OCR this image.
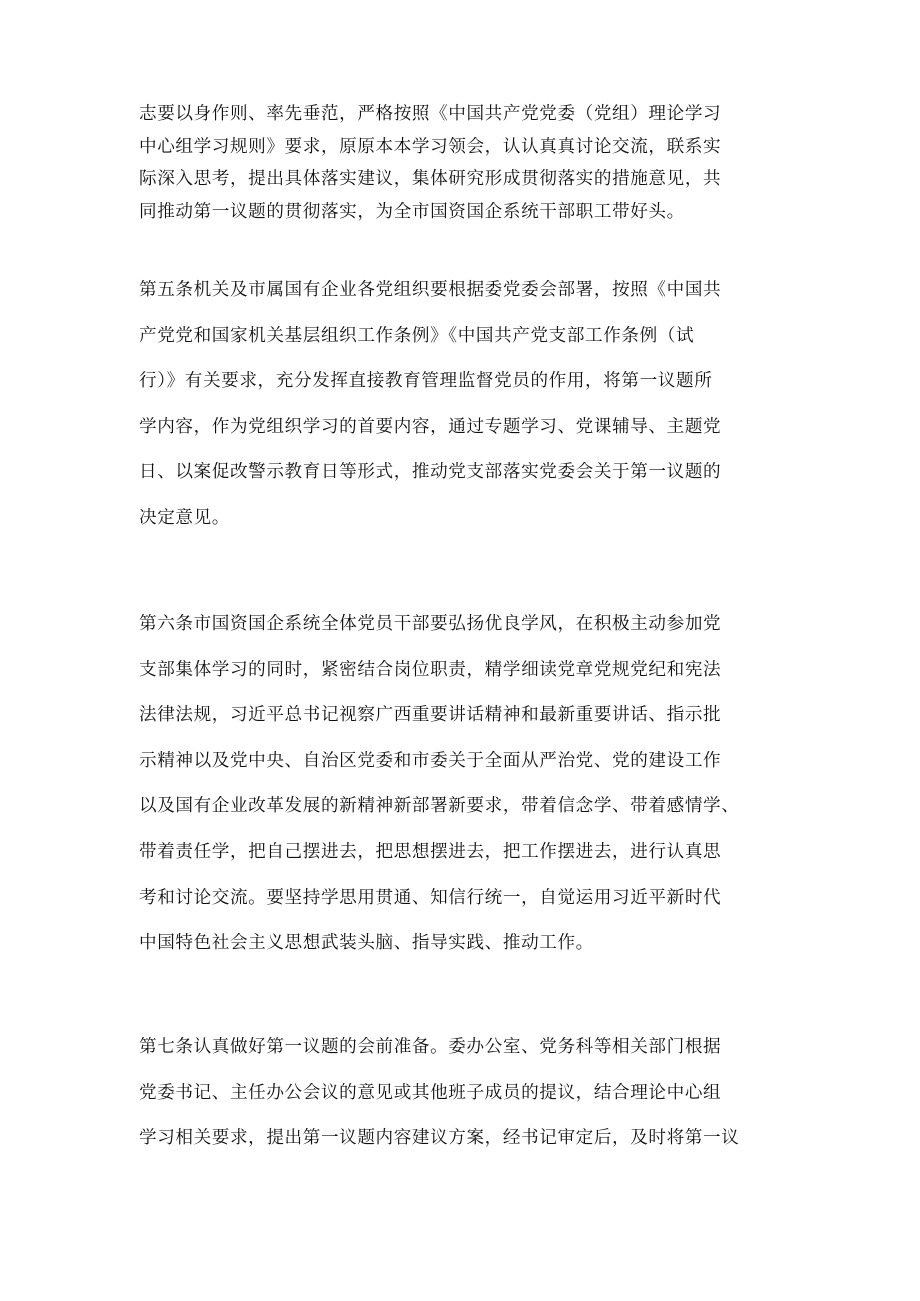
志要以身作则、率先垂范，严格按照《中国共产党党委（党组）理论学习
中心组学习规则》要求，原原本本学习领会，认认真真讨论交流，联系实
际深入思考，提出具体落实建议，集体研究形成贯彻落实的措施意见，共
同推动第一议题的贯彻落实，为全市国资国企系统干部职工带好头。

第五条机关及市属国有企业各党组织要根据委党委会部署，按照《中国共
产党党和国家机关基层组织工作条例》《中国共产党支部工作条例（试
行）》有关要求，充分发挥直接教育管理监督党员的作用，将第一议题所
学内容，作为党组织学习的首要内容，通过专题学习、党课辅导、主题党
日、以案促改警示教育日等形式，推动党支部落实党委会关于第一议题的
决定意见。

第六条市国资国企系统全体党员干部要弘扬优良学风，在积极主动参加党
支部集体学习的同时，紧密结合岗位职责，精学细读党章党规党纪和宪法
法律法规，习近平总书记视察广西重要讲话精神和最新重要讲话、指示批
示精神以及党中央、自治区党委和市委关于全面从严治党、党的建设工作
以及国有企业改革发展的新精神新部署新要求，带着信念学、带着感情学、
带着责任学，把自己摆进去，把思想摆进去，把工作摆进去，进行认真思
考和讨论交流。要坚持学思用贯通、知信行统一，自觉运用习近平新时代
中国特色社会主义思想武装头脑、指导实践、推动工作。

第七条认真做好第一议题的会前准备。委办公室、党务科等相关部门根据
党委书记、主任办公会议的意见或其他班子成员的提议，结合理论中心组
学习相关要求，提出第一议题内容建议方案，经书记审定后，及时将第一议
